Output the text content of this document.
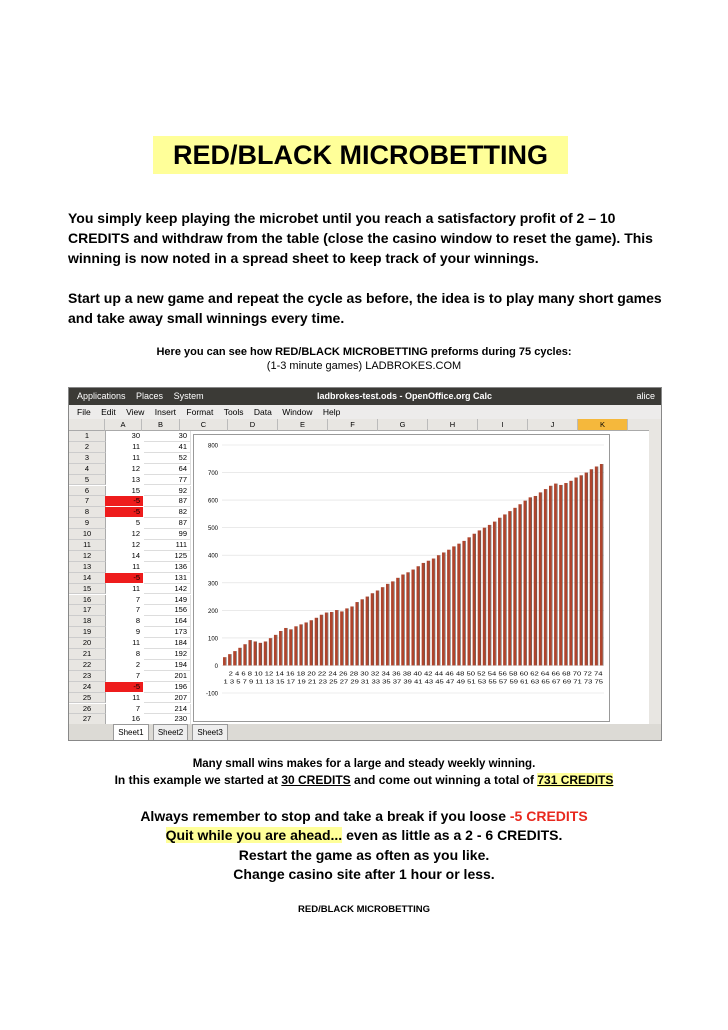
RED/BLACK MICROBETTING
You simply keep playing the microbet until you reach a satisfactory profit of 2 – 10 CREDITS and withdraw from the table (close the casino window to reset the game). This winning is now noted in a spread sheet to keep track of your winnings.
Start up a new game and repeat the cycle as before, the idea is to play many short games and take away small winnings every time.
Here you can see how RED/BLACK MICROBETTING preforms during 75 cycles:
(1-3 minute games) LADBROKES.COM
Applications Places System	ladbrokes-test.ods - OpenOffice.org Calc	alice
File Edit View Insert Format Tools Data Window Help
A	B	C	D	E	F	G	H	I	J	K
1	30	30
2	11	41
3	11	52
4	12	64
5	13	77
6	15	92
7	-5	87
8	-5	82
9	5	87
10	12	99
11	12	111
12	14	125
13	11	136
14	-5	131
15	11	142
16	7	149
17	7	156
18	8	164
19	9	173
20	11	184
21	8	192
22	2	194
23	7	201
24	-5	196
25	11	207
26	7	214
27	16	230
800
700
600
500
400
300
200
100
0
-100
2 4 6 8 10 12 14 16 18 20 22 24 26 28 30 32 34 36 38 40 42 44 46 48 50 52 54 56 58 60 62 64 66 68 70 72 74
1 3 5 7 9 11 13 15 17 19 21 23 25 27 29 31 33 35 37 39 41 43 45 47 49 51 53 55 57 59 61 63 65 67 69 71 73 75
Sheet1 Sheet2 Sheet3
Many small wins makes for a large and steady weekly winning.
In this example we started at 30 CREDITS and come out winning a total of 731 CREDITS
Always remember to stop and take a break if you loose -5 CREDITS
Quit while you are ahead... even as little as a 2 - 6 CREDITS.
Restart the game as often as you like.
Change casino site after 1 hour or less.
RED/BLACK MICROBETTING
